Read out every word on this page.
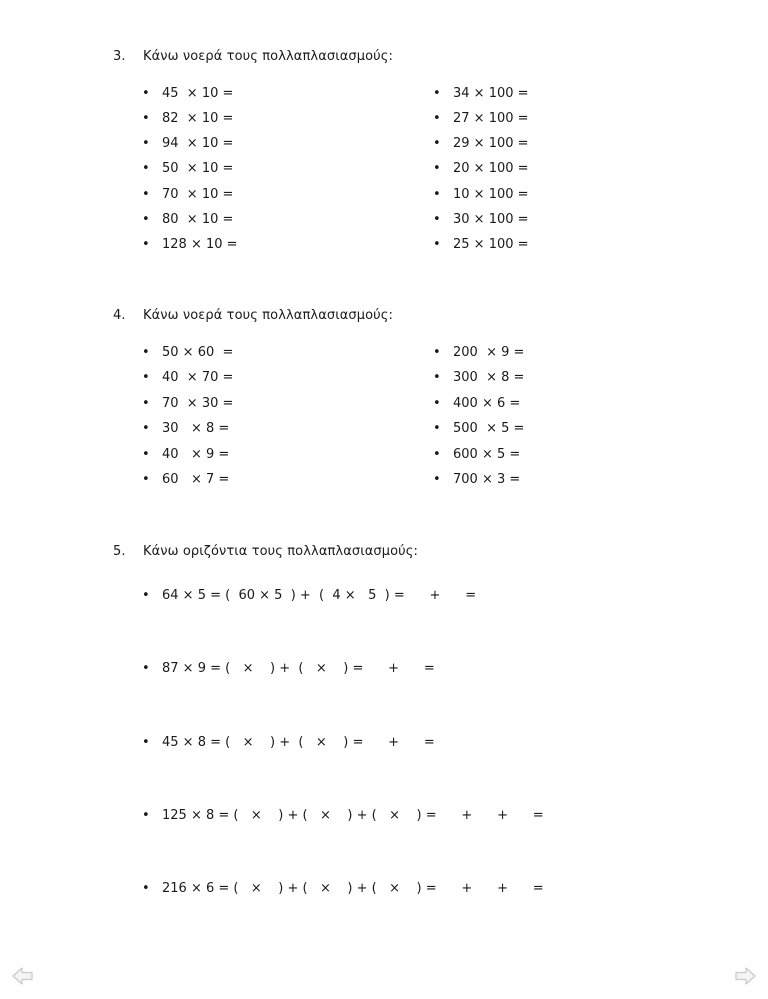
3. Κάνω νοερά τους πολλαπλασιασμούς:
• 45  × 10 =
• 82  × 10 =
• 94  × 10 =
• 50  × 10 =
• 70  × 10 =
• 80  × 10 =
• 128 × 10 =
• 34 × 100 =
• 27 × 100 =
• 29 × 100 =
• 20 × 100 =
• 10 × 100 =
• 30 × 100 =
• 25 × 100 =
4. Κάνω νοερά τους πολλαπλασιασμούς:
• 50 × 60  =
• 40  × 70 =
• 70  × 30 =
• 30   × 8 =
• 40   × 9 =
• 60   × 7 =
• 200  × 9 =
• 300  × 8 =
• 400 × 6 =
• 500  × 5 =
• 600 × 5 =
• 700 × 3 =
5. Κάνω οριζόντια τους πολλαπλασιασμούς:
• 64 × 5 = (  60 × 5  ) +  (  4 ×   5  ) =      +      =
• 87 × 9 = (   ×    ) +  (   ×    ) =      +      =
• 45 × 8 = (   ×    ) +  (   ×    ) =      +      =
• 125 × 8 = (   ×    ) + (   ×    ) + (   ×    ) =      +      +      =
• 216 × 6 = (   ×    ) + (   ×    ) + (   ×    ) =      +      +      =
